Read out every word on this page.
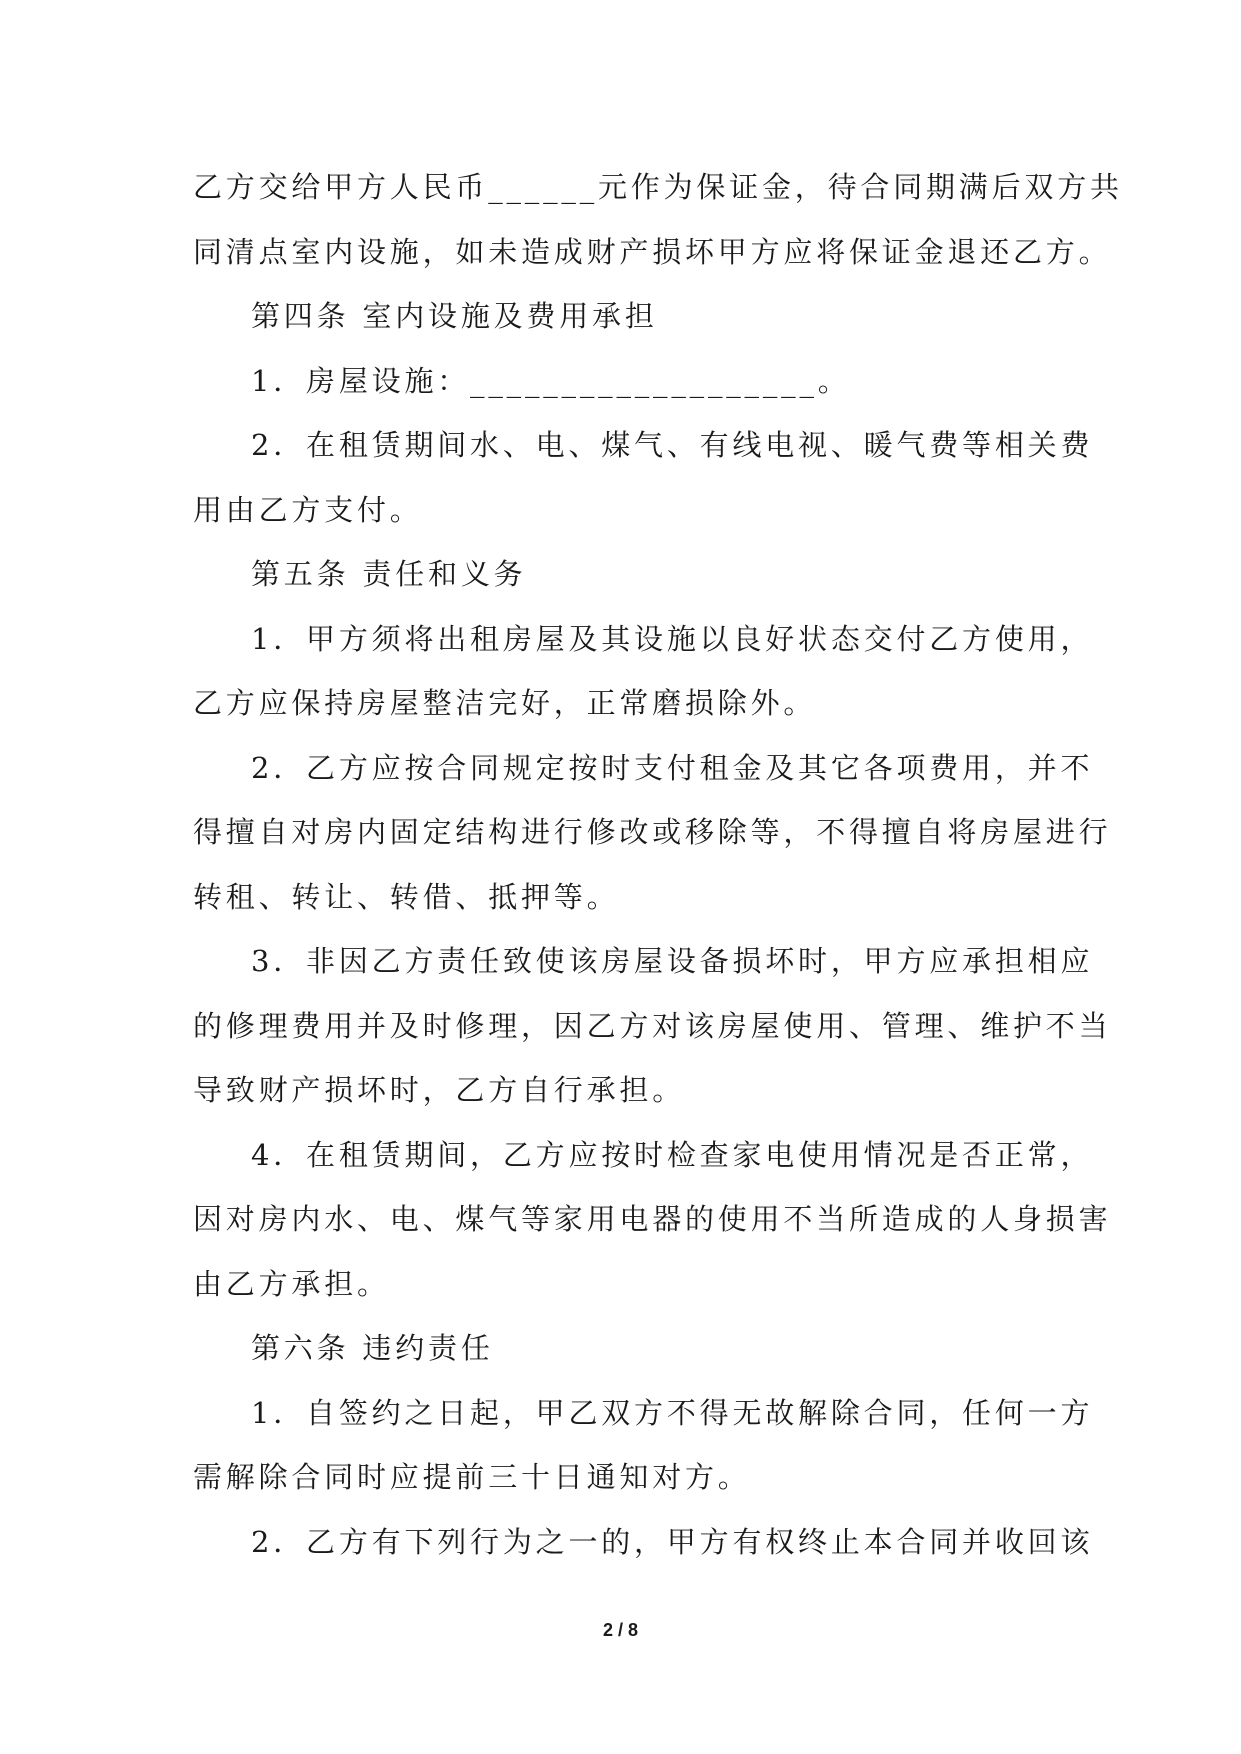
乙方交给甲方人民币______元作为保证金，待合同期满后双方共
同清点室内设施，如未造成财产损坏甲方应将保证金退还乙方。
第四条 室内设施及费用承担
1．房屋设施：___________________。
2．在租赁期间水、电、煤气、有线电视、暖气费等相关费
用由乙方支付。
第五条 责任和义务
1．甲方须将出租房屋及其设施以良好状态交付乙方使用，
乙方应保持房屋整洁完好，正常磨损除外。
2．乙方应按合同规定按时支付租金及其它各项费用，并不
得擅自对房内固定结构进行修改或移除等，不得擅自将房屋进行
转租、转让、转借、抵押等。
3．非因乙方责任致使该房屋设备损坏时，甲方应承担相应
的修理费用并及时修理，因乙方对该房屋使用、管理、维护不当
导致财产损坏时，乙方自行承担。
4．在租赁期间，乙方应按时检查家电使用情况是否正常，
因对房内水、电、煤气等家用电器的使用不当所造成的人身损害
由乙方承担。
第六条 违约责任
1．自签约之日起，甲乙双方不得无故解除合同，任何一方
需解除合同时应提前三十日通知对方。
2．乙方有下列行为之一的，甲方有权终止本合同并收回该
2 / 8
